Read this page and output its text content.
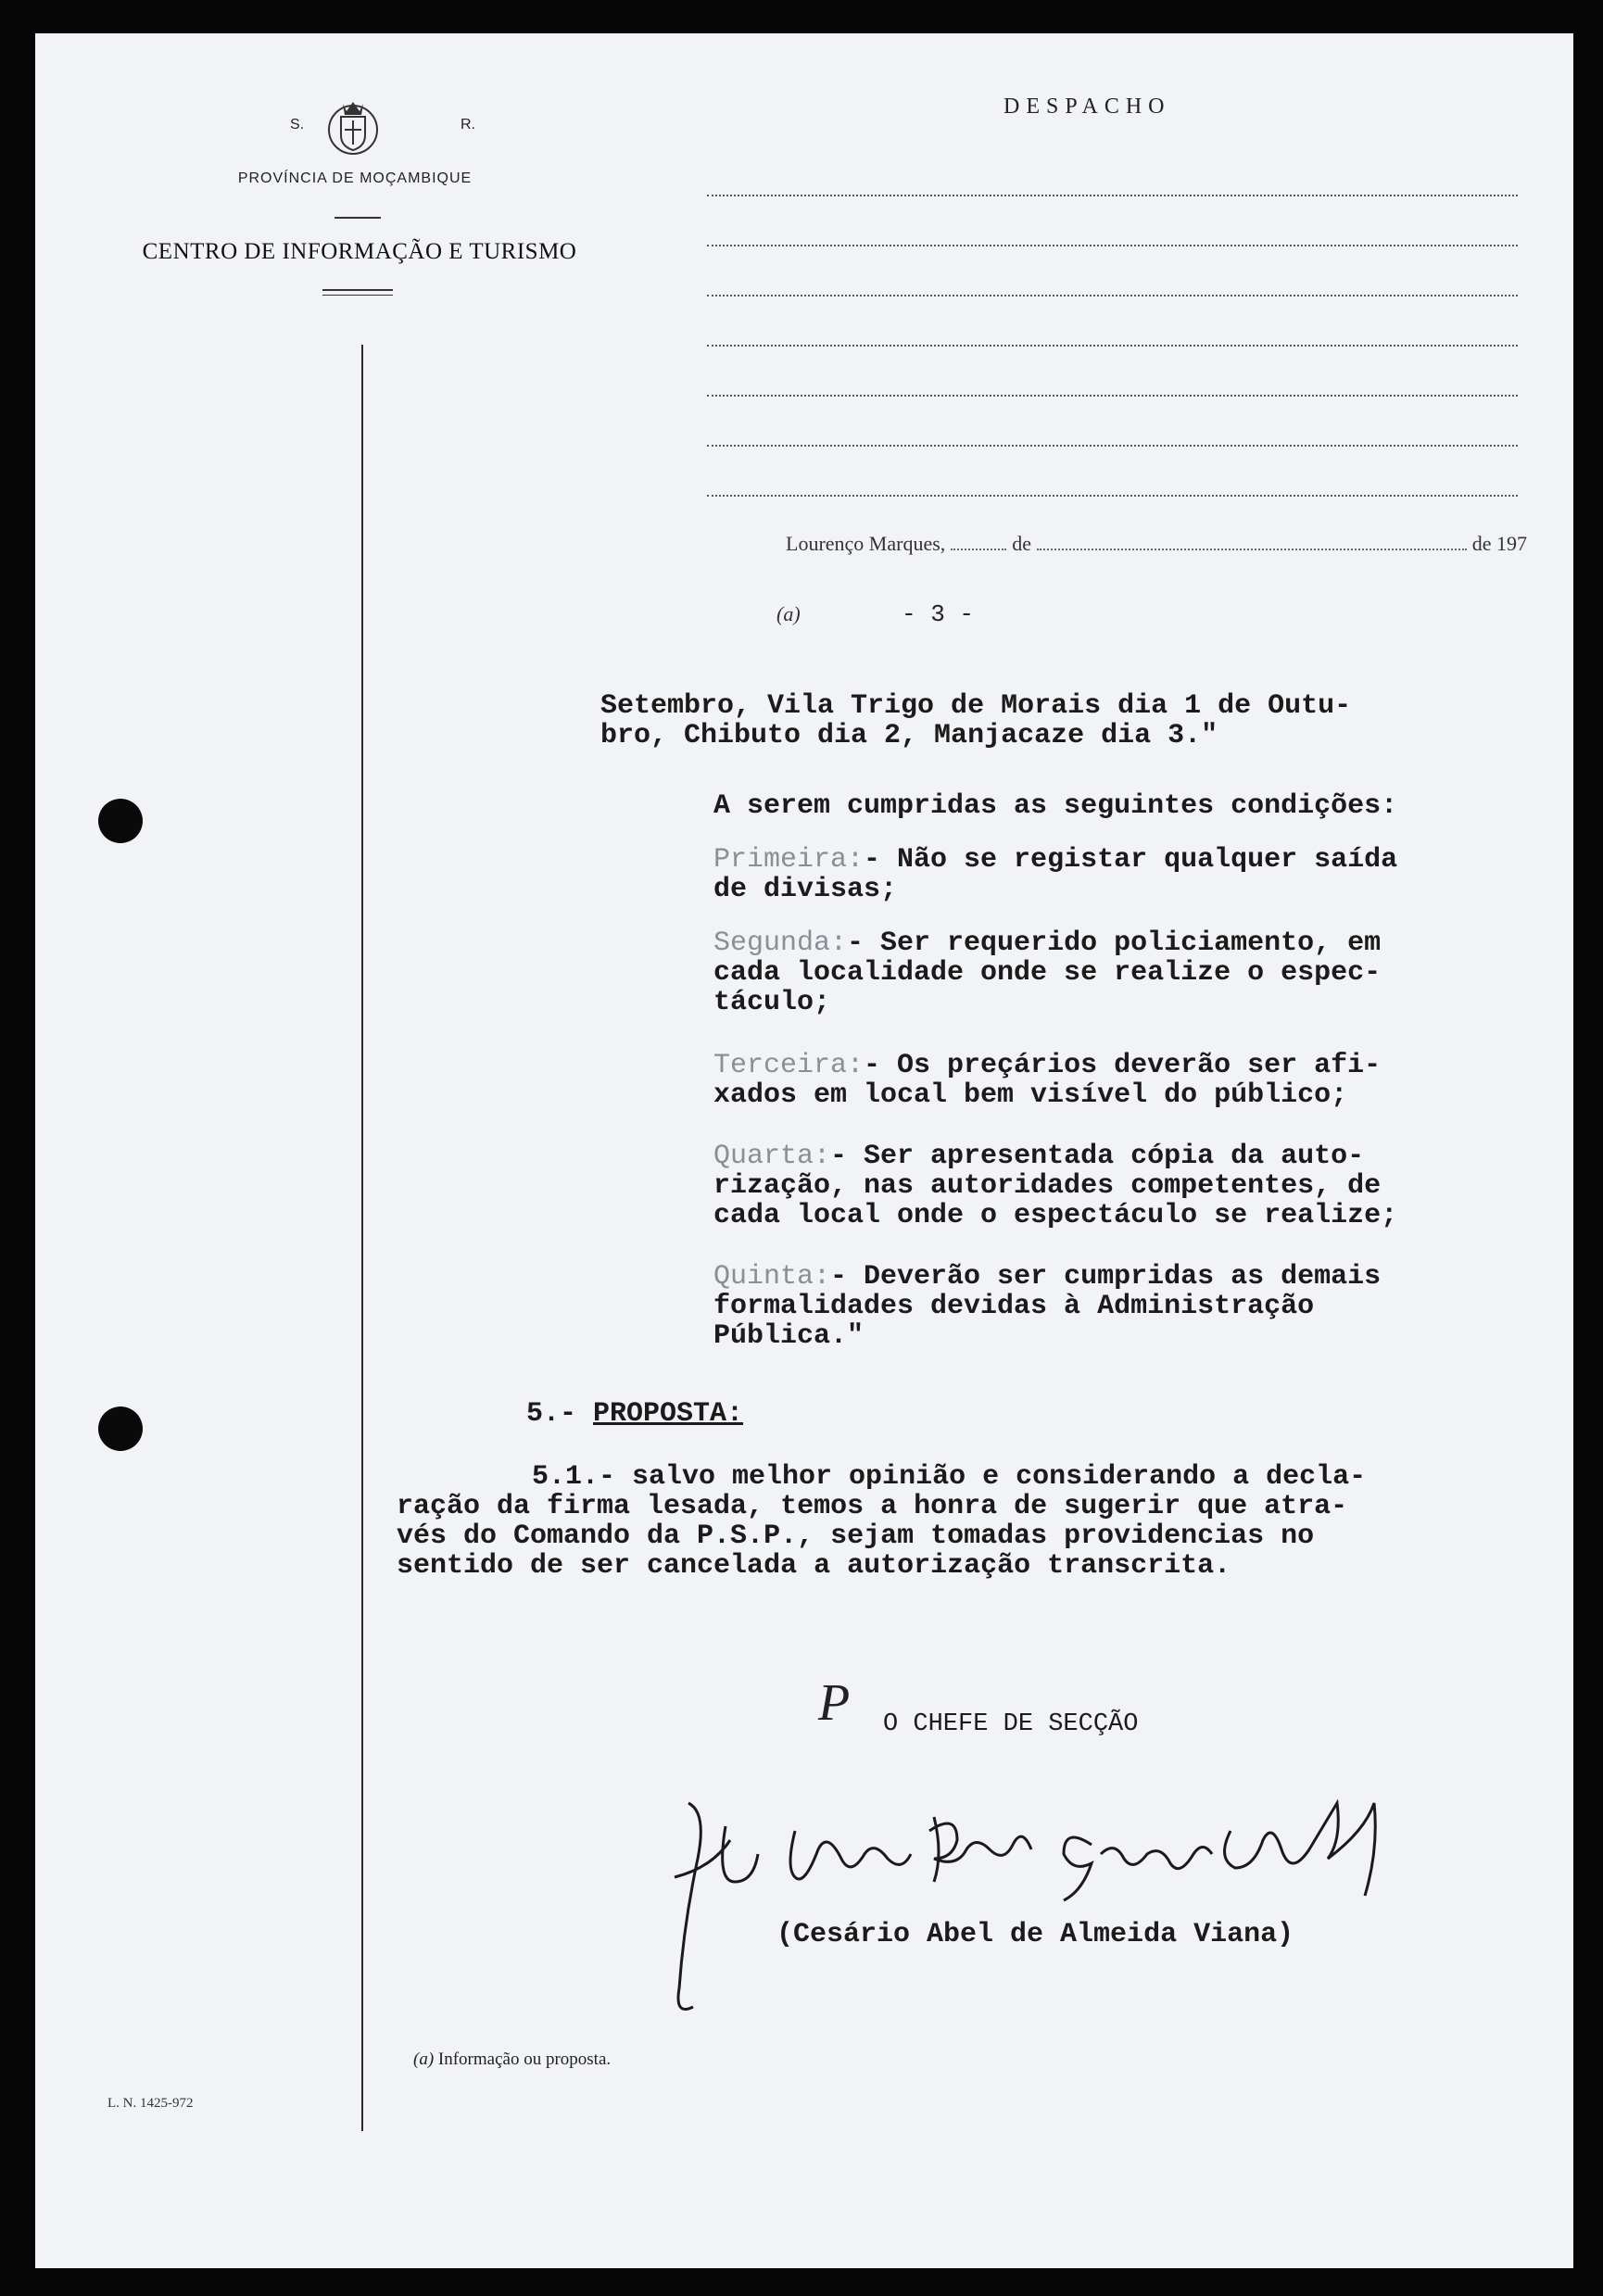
S.	R.
PROVÍNCIA DE MOÇAMBIQUE
CENTRO DE INFORMAÇÃO E TURISMO
DESPACHO
Lourenço Marques,	de	de 197
(a)	- 3 -
Setembro, Vila Trigo de Morais dia 1 de Outu-
bro, Chibuto dia 2, Manjacaze dia 3."
A serem cumpridas as seguintes condições:
Primeira:- Não se registar qualquer saída
de divisas;
Segunda:- Ser requerido policiamento, em
cada localidade onde se realize o espec-
táculo;
Terceira:- Os preçários deverão ser afi-
xados em local bem visível do público;
Quarta:- Ser apresentada cópia da auto-
rização, nas autoridades competentes, de
cada local onde o espectáculo se realize;
Quinta:- Deverão ser cumpridas as demais
formalidades devidas à Administração
Pública."
5.- PROPOSTA:
5.1.- salvo melhor opinião e considerando a decla-
ração da firma lesada, temos a honra de sugerir que atra-
vés do Comando da P.S.P., sejam tomadas providencias no
sentido de ser cancelada a autorização transcrita.
P O CHEFE DE SECÇÃO
(Cesário Abel de Almeida Viana)
(a) Informação ou proposta.
L. N. 1425-972
